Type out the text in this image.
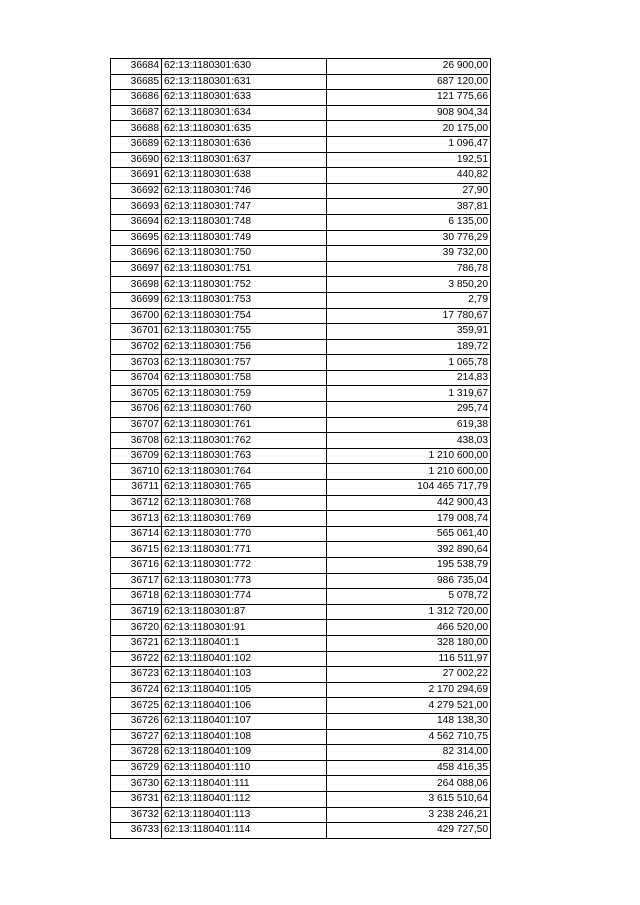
36684	62:13:1180301:630	26 900,00
36685	62:13:1180301:631	687 120,00
36686	62:13:1180301:633	121 775,66
36687	62:13:1180301:634	908 904,34
36688	62:13:1180301:635	20 175,00
36689	62:13:1180301:636	1 096,47
36690	62:13:1180301:637	192,51
36691	62:13:1180301:638	440,82
36692	62:13:1180301:746	27,90
36693	62:13:1180301:747	387,81
36694	62:13:1180301:748	6 135,00
36695	62:13:1180301:749	30 776,29
36696	62:13:1180301:750	39 732,00
36697	62:13:1180301:751	786,78
36698	62:13:1180301:752	3 850,20
36699	62:13:1180301:753	2,79
36700	62:13:1180301:754	17 780,67
36701	62:13:1180301:755	359,91
36702	62:13:1180301:756	189,72
36703	62:13:1180301:757	1 065,78
36704	62:13:1180301:758	214,83
36705	62:13:1180301:759	1 319,67
36706	62:13:1180301:760	295,74
36707	62:13:1180301:761	619,38
36708	62:13:1180301:762	438,03
36709	62:13:1180301:763	1 210 600,00
36710	62:13:1180301:764	1 210 600,00
36711	62:13:1180301:765	104 465 717,79
36712	62:13:1180301:768	442 900,43
36713	62:13:1180301:769	179 008,74
36714	62:13:1180301:770	565 061,40
36715	62:13:1180301:771	392 890,64
36716	62:13:1180301:772	195 538,79
36717	62:13:1180301:773	986 735,04
36718	62:13:1180301:774	5 078,72
36719	62:13:1180301:87	1 312 720,00
36720	62:13:1180301:91	466 520,00
36721	62:13:1180401:1	328 180,00
36722	62:13:1180401:102	116 511,97
36723	62:13:1180401:103	27 002,22
36724	62:13:1180401:105	2 170 294,69
36725	62:13:1180401:106	4 279 521,00
36726	62:13:1180401:107	148 138,30
36727	62:13:1180401:108	4 562 710,75
36728	62:13:1180401:109	82 314,00
36729	62:13:1180401:110	458 416,35
36730	62:13:1180401:111	264 088,06
36731	62:13:1180401:112	3 615 510,64
36732	62:13:1180401:113	3 238 246,21
36733	62:13:1180401:114	429 727,50
